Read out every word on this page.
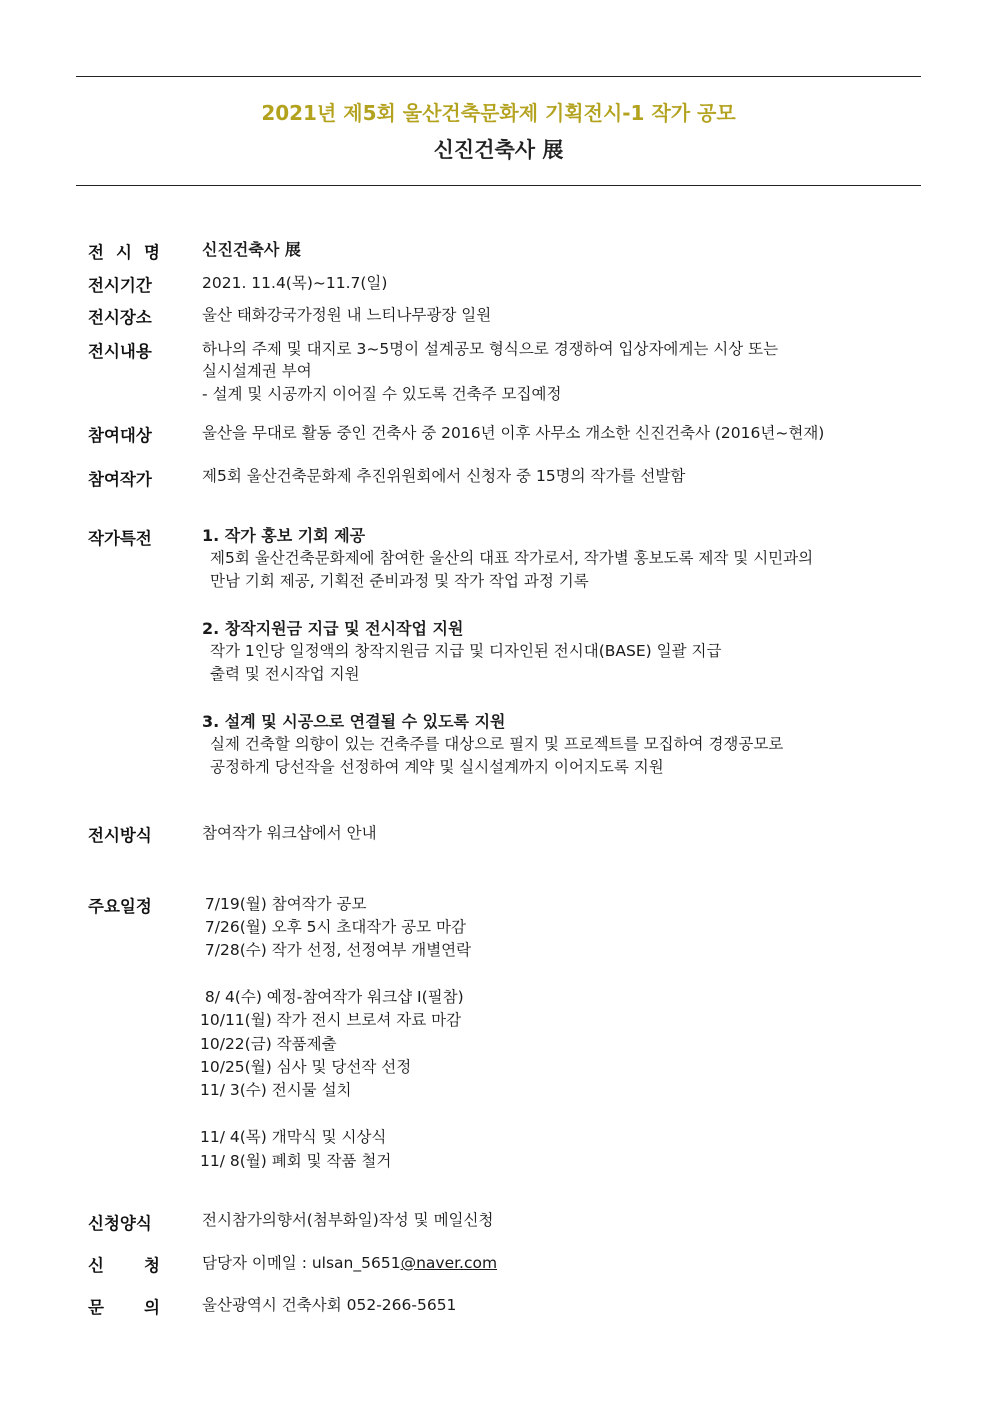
2021년 제5회 울산건축문화제 기획전시-1 작가 공모
신진건축사 展
전 시 명	신진건축사 展
전시기간	2021. 11.4(목)~11.7(일)
전시장소	울산 태화강국가정원 내 느티나무광장 일원
전시내용	하나의 주제 및 대지로 3~5명이 설계공모 형식으로 경쟁하여 입상자에게는 시상 또는
실시설계권 부여
- 설계 및 시공까지 이어질 수 있도록 건축주 모집예정
참여대상	울산을 무대로 활동 중인 건축사 중 2016년 이후 사무소 개소한 신진건축사 (2016년~현재)
참여작가	제5회 울산건축문화제 추진위원회에서 신청자 중 15명의 작가를 선발함
작가특전	1. 작가 홍보 기회 제공
제5회 울산건축문화제에 참여한 울산의 대표 작가로서, 작가별 홍보도록 제작 및 시민과의
만남 기회 제공, 기획전 준비과정 및 작가 작업 과정 기록
2. 창작지원금 지급 및 전시작업 지원
작가 1인당 일정액의 창작지원금 지급 및 디자인된 전시대(BASE) 일괄 지급
출력 및 전시작업 지원
3. 설계 및 시공으로 연결될 수 있도록 지원
실제 건축할 의향이 있는 건축주를 대상으로 필지 및 프로젝트를 모집하여 경쟁공모로
공정하게 당선작을 선정하여 계약 및 실시설계까지 이어지도록 지원
전시방식	참여작가 워크샵에서 안내
주요일정	7/19(월) 참여작가 공모
7/26(월) 오후 5시 초대작가 공모 마감
7/28(수) 작가 선정, 선정여부 개별연락
8/ 4(수) 예정-참여작가 워크샵 Ⅰ(필참)
10/11(월) 작가 전시 브로셔 자료 마감
10/22(금) 작품제출
10/25(월) 심사 및 당선작 선정
11/ 3(수) 전시물 설치
11/ 4(목) 개막식 및 시상식
11/ 8(월) 폐회 및 작품 철거
신청양식	전시참가의향서(첨부화일)작성 및 메일신청
신 청	담당자 이메일 : ulsan_5651@naver.com
문 의	울산광역시 건축사회 052-266-5651
